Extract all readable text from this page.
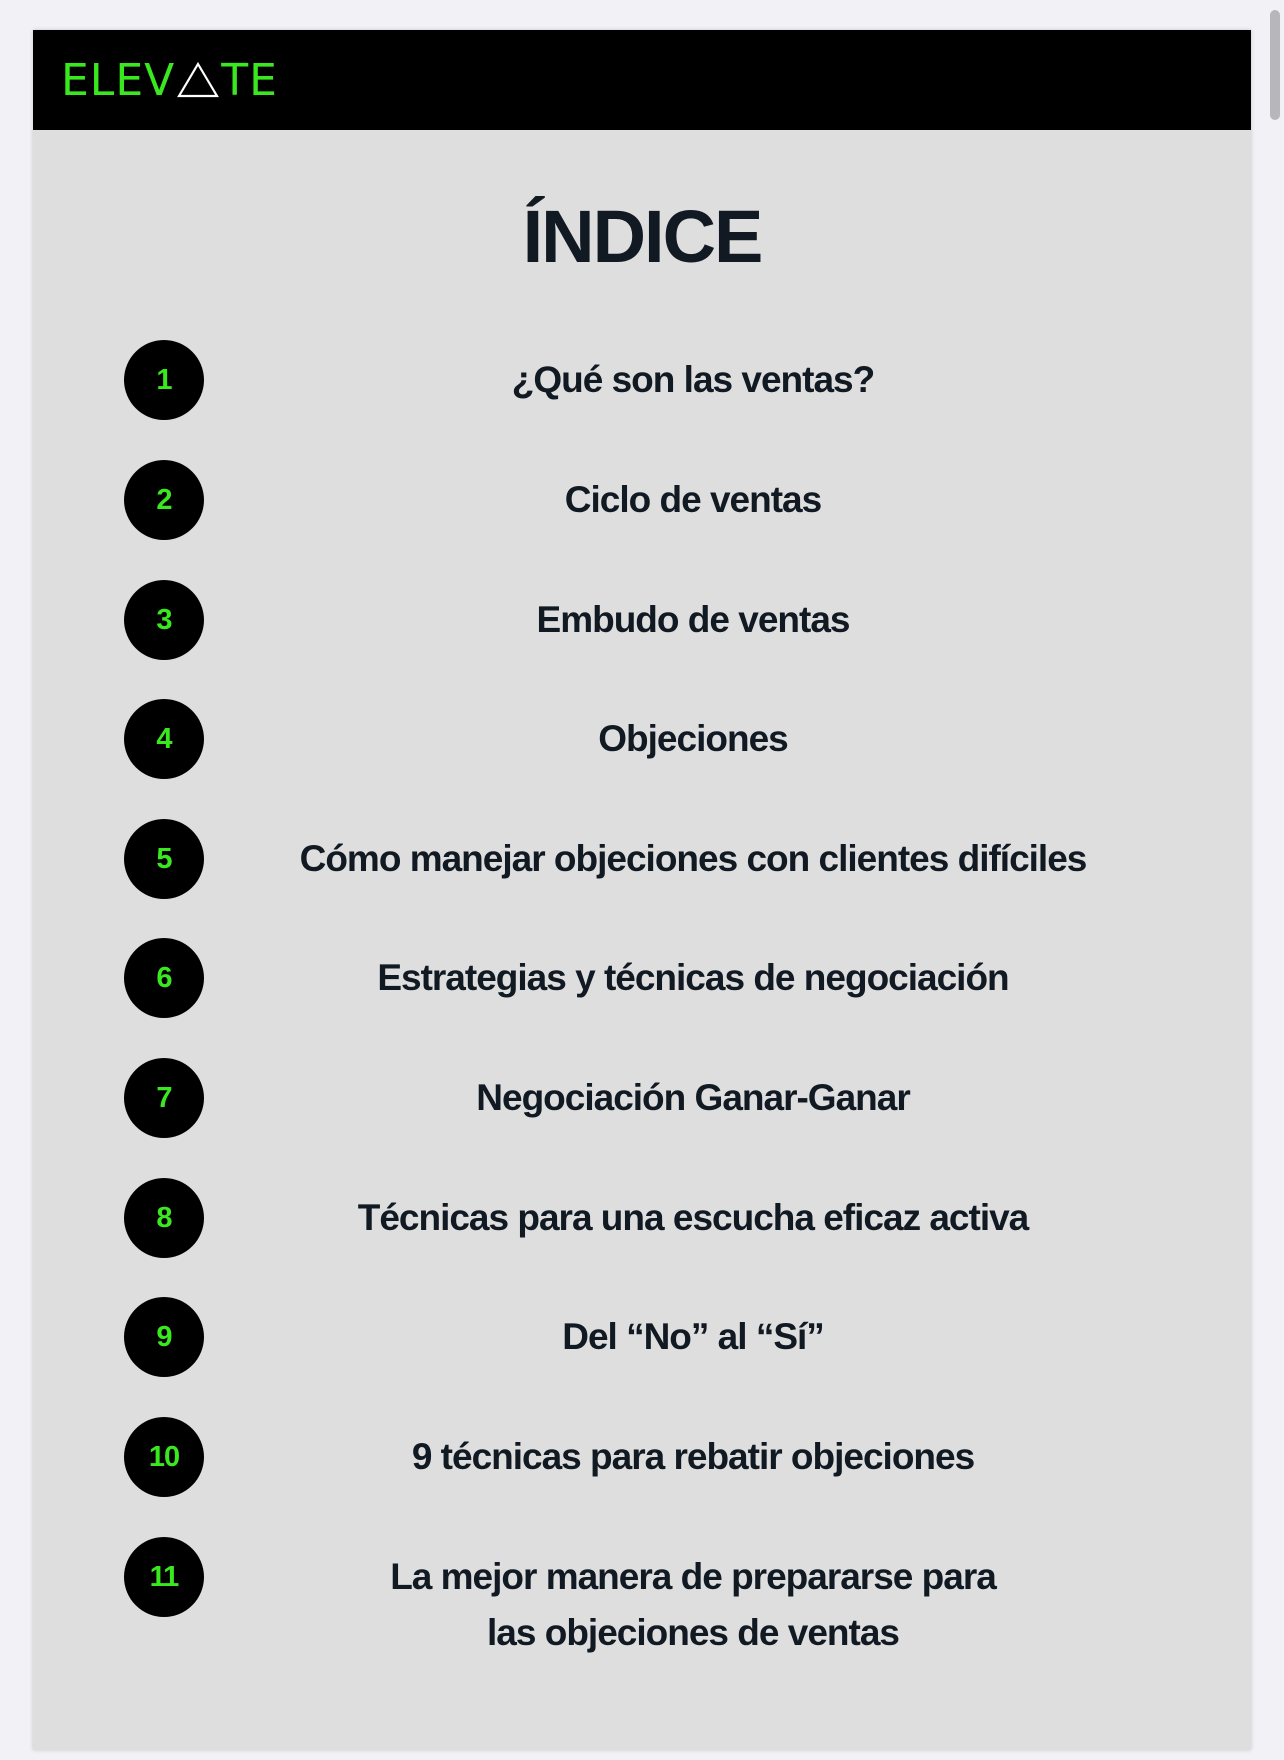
ELEV TE
ÍNDICE
1	¿Qué son las ventas?
2	Ciclo de ventas
3	Embudo de ventas
4	Objeciones
5	Cómo manejar objeciones con clientes difíciles
6	Estrategias y técnicas de negociación
7	Negociación Ganar-Ganar
8	Técnicas para una escucha eficaz activa
9	Del “No” al “Sí”
10	9 técnicas para rebatir objeciones
11	La mejor manera de prepararse para
las objeciones de ventas
